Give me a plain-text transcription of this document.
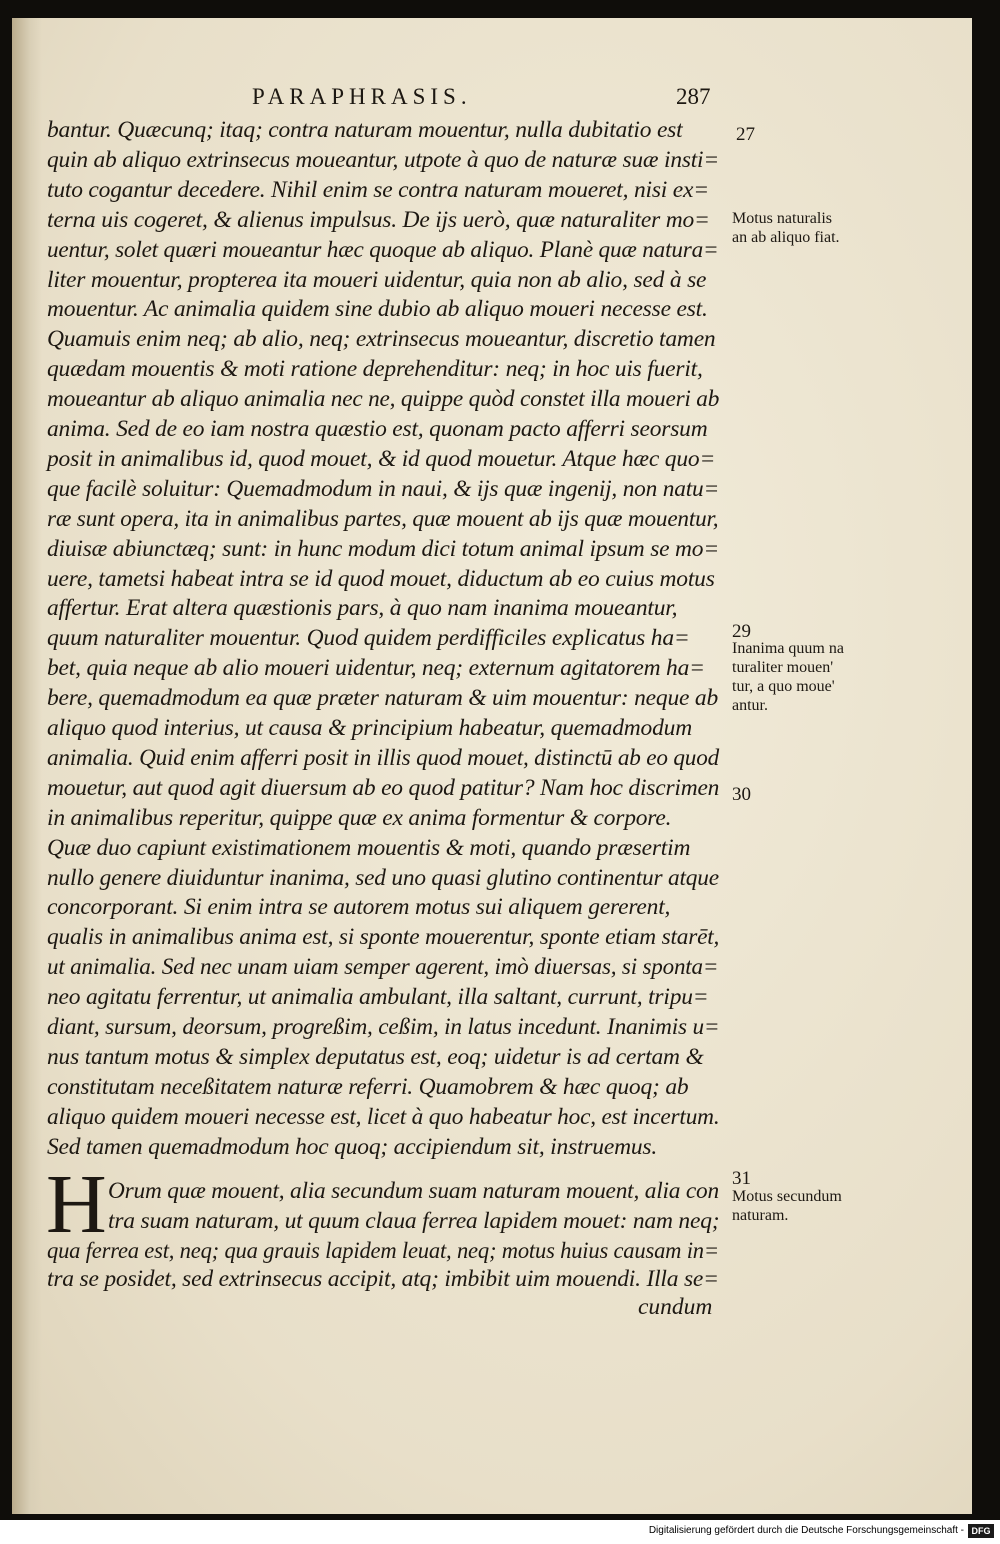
PARAPHRASIS.	287
bantur. Quæcunq; itaq; contra naturam mouentur, nulla dubitatio est
quin ab aliquo extrinsecus moueantur, utpote à quo de naturæ suæ insti=
tuto cogantur decedere. Nihil enim se contra naturam moueret, nisi ex=
terna uis cogeret, & alienus impulsus. De ijs uerò, quæ naturaliter mo=
uentur, solet quæri moueantur hæc quoque ab aliquo. Planè quæ natura=
liter mouentur, propterea ita moueri uidentur, quia non ab alio, sed à se
mouentur. Ac animalia quidem sine dubio ab aliquo moueri necesse est.
Quamuis enim neq; ab alio, neq; extrinsecus moueantur, discretio tamen
quædam mouentis & moti ratione deprehenditur: neq; in hoc uis fuerit,
moueantur ab aliquo animalia nec ne, quippe quòd constet illa moueri ab
anima. Sed de eo iam nostra quæstio est, quonam pacto afferri seorsum
posit in animalibus id, quod mouet, & id quod mouetur. Atque hæc quo=
que facilè soluitur: Quemadmodum in naui, & ijs quæ ingenij, non natu=
ræ sunt opera, ita in animalibus partes, quæ mouent ab ijs quæ mouentur,
diuisæ abiunctæq; sunt: in hunc modum dici totum animal ipsum se mo=
uere, tametsi habeat intra se id quod mouet, diductum ab eo cuius motus
affertur. Erat altera quæstionis pars, à quo nam inanima moueantur,
quum naturaliter mouentur. Quod quidem perdifficiles explicatus ha=
bet, quia neque ab alio moueri uidentur, neq; externum agitatorem ha=
bere, quemadmodum ea quæ præter naturam & uim mouentur: neque ab
aliquo quod interius, ut causa & principium habeatur, quemadmodum
animalia. Quid enim afferri posit in illis quod mouet, distinctū ab eo quod
mouetur, aut quod agit diuersum ab eo quod patitur? Nam hoc discrimen
in animalibus reperitur, quippe quæ ex anima formentur & corpore.
Quæ duo capiunt existimationem mouentis & moti, quando præsertim
nullo genere diuiduntur inanima, sed uno quasi glutino continentur atque
concorporant. Si enim intra se autorem motus sui aliquem gererent,
qualis in animalibus anima est, si sponte mouerentur, sponte etiam starēt,
ut animalia. Sed nec unam uiam semper agerent, imò diuersas, si sponta=
neo agitatu ferrentur, ut animalia ambulant, illa saltant, currunt, tripu=
diant, sursum, deorsum, progreßim, ceßim, in latus incedunt. Inanimis u=
nus tantum motus & simplex deputatus est, eoq; uidetur is ad certam &
constitutam neceßitatem naturæ referri. Quamobrem & hæc quoq; ab
aliquo quidem moueri necesse est, licet à quo habeatur hoc, est incertum.
Sed tamen quemadmodum hoc quoq; accipiendum sit, instruemus.
H Orum quæ mouent, alia secundum suam naturam mouent, alia con
tra suam naturam, ut quum claua ferrea lapidem mouet: nam neq;
qua ferrea est, neq; qua grauis lapidem leuat, neq; motus huius causam in=
tra se posidet, sed extrinsecus accipit, atq; imbibit uim mouendi. Illa se=
cundum
27
29
30
31
Motus naturalis
an ab aliquo fiat.
Inanima quum na
turaliter mouen'
tur, a quo moue'
antur.
Motus secundum
naturam.
Digitalisierung gefördert durch die Deutsche Forschungsgemeinschaft - DFG
